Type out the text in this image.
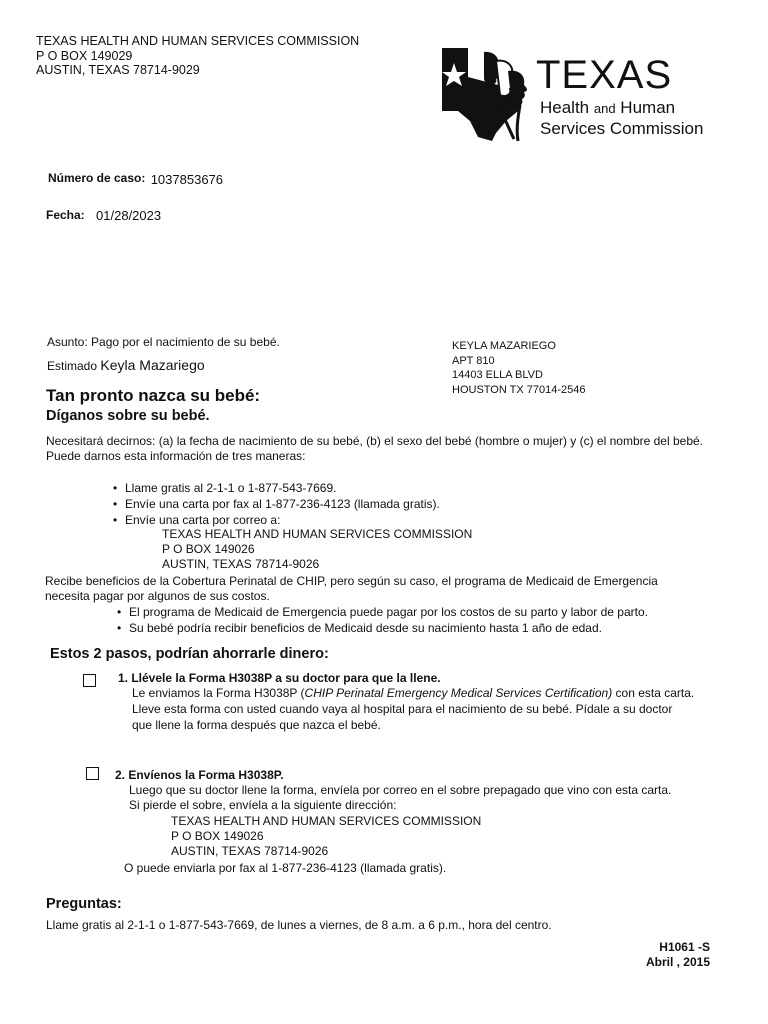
TEXAS HEALTH AND HUMAN SERVICES COMMISSION
P O BOX 149029
AUSTIN, TEXAS 78714-9029	TEXAS
Health and Human
Services Commission
Número de caso: 1037853676
Fecha: 01/28/2023
Asunto: Pago por el nacimiento de su bebé.
Estimado Keyla Mazariego
KEYLA MAZARIEGO
APT 810
14403 ELLA BLVD
HOUSTON TX 77014-2546
Tan pronto nazca su bebé:
Díganos sobre su bebé.
Necesitará decirnos: (a) la fecha de nacimiento de su bebé, (b) el sexo del bebé (hombre o mujer) y (c) el nombre del bebé.
Puede darnos esta información de tres maneras:
• Llame gratis al 2-1-1 o 1-877-543-7669.
• Envíe una carta por fax al 1-877-236-4123 (llamada gratis).
• Envíe una carta por correo a:
TEXAS HEALTH AND HUMAN SERVICES COMMISSION
P O BOX 149026
AUSTIN, TEXAS 78714-9026
Recibe beneficios de la Cobertura Perinatal de CHIP, pero según su caso, el programa de Medicaid de Emergencia
necesita pagar por algunos de sus costos.
• El programa de Medicaid de Emergencia puede pagar por los costos de su parto y labor de parto.
• Su bebé podría recibir beneficios de Medicaid desde su nacimiento hasta 1 año de edad.
Estos 2 pasos, podrían ahorrarle dinero:
1. Llévele la Forma H3038P a su doctor para que la llene.
Le enviamos la Forma H3038P (CHIP Perinatal Emergency Medical Services Certification) con esta carta.
Lleve esta forma con usted cuando vaya al hospital para el nacimiento de su bebé. Pídale a su doctor
que llene la forma después que nazca el bebé.
2. Envíenos la Forma H3038P.
Luego que su doctor llene la forma, envíela por correo en el sobre prepagado que vino con esta carta.
Si pierde el sobre, envíela a la siguiente dirección:
TEXAS HEALTH AND HUMAN SERVICES COMMISSION
P O BOX 149026
AUSTIN, TEXAS 78714-9026
O puede enviarla por fax al 1-877-236-4123 (llamada gratis).
Preguntas:
Llame gratis al 2-1-1 o 1-877-543-7669, de lunes a viernes, de 8 a.m. a 6 p.m., hora del centro.
H1061 -S
Abril , 2015
